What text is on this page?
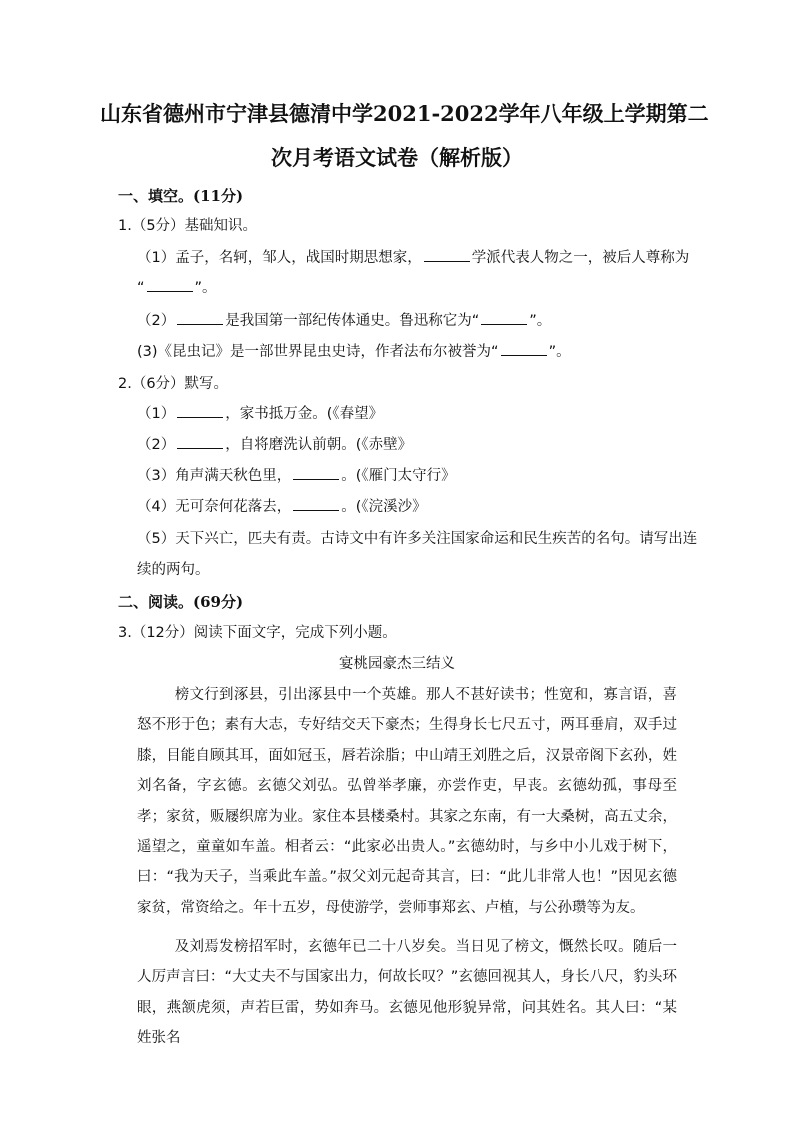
山东省德州市宁津县德清中学2021-2022学年八年级上学期第二
次月考语文试卷（解析版）
一、填空。(11分)
1.（5分）基础知识。
（1）孟子，名轲，邹人，战国时期思想家，	学派代表人物之一，被后人尊称为
“	”。
（2）	是我国第一部纪传体通史。鲁迅称它为“	”。
(3)《昆虫记》是一部世界昆虫史诗，作者法布尔被誉为“	”。
2.（6分）默写。
（1）	，家书抵万金。(《春望》
（2）	，自将磨洗认前朝。(《赤壁》
（3）角声满天秋色里，	。(《雁门太守行》
（4）无可奈何花落去，	。(《浣溪沙》
（5）天下兴亡，匹夫有责。古诗文中有许多关注国家命运和民生疾苦的名句。请写出连
续的两句。
二、阅读。(69分)
3.（12分）阅读下面文字，完成下列小题。
宴桃园豪杰三结义
榜文行到涿县，引出涿县中一个英雄。那人不甚好读书；性宽和，寡言语，喜怒不形于色；素有大志，专好结交天下豪杰；生得身长七尺五寸，两耳垂肩，双手过膝，目能自顾其耳，面如冠玉，唇若涂脂；中山靖王刘胜之后，汉景帝阁下玄孙，姓刘名备，字玄德。玄德父刘弘。弘曾举孝廉，亦尝作吏，早丧。玄德幼孤，事母至孝；家贫，贩屦织席为业。家住本县楼桑村。其家之东南，有一大桑树，高五丈余，遥望之，童童如车盖。相者云：“此家必出贵人。”玄德幼时，与乡中小儿戏于树下，曰：“我为天子，当乘此车盖。”叔父刘元起奇其言，曰：“此儿非常人也！”因见玄德家贫，常资给之。年十五岁，母使游学，尝师事郑玄、卢植，与公孙瓒等为友。
及刘焉发榜招军时，玄德年已二十八岁矣。当日见了榜文，慨然长叹。随后一人厉声言曰：“大丈夫不与国家出力，何故长叹？”玄德回视其人，身长八尺，豹头环眼，燕颔虎须，声若巨雷，势如奔马。玄德见他形貌异常，问其姓名。其人曰：“某姓张名
